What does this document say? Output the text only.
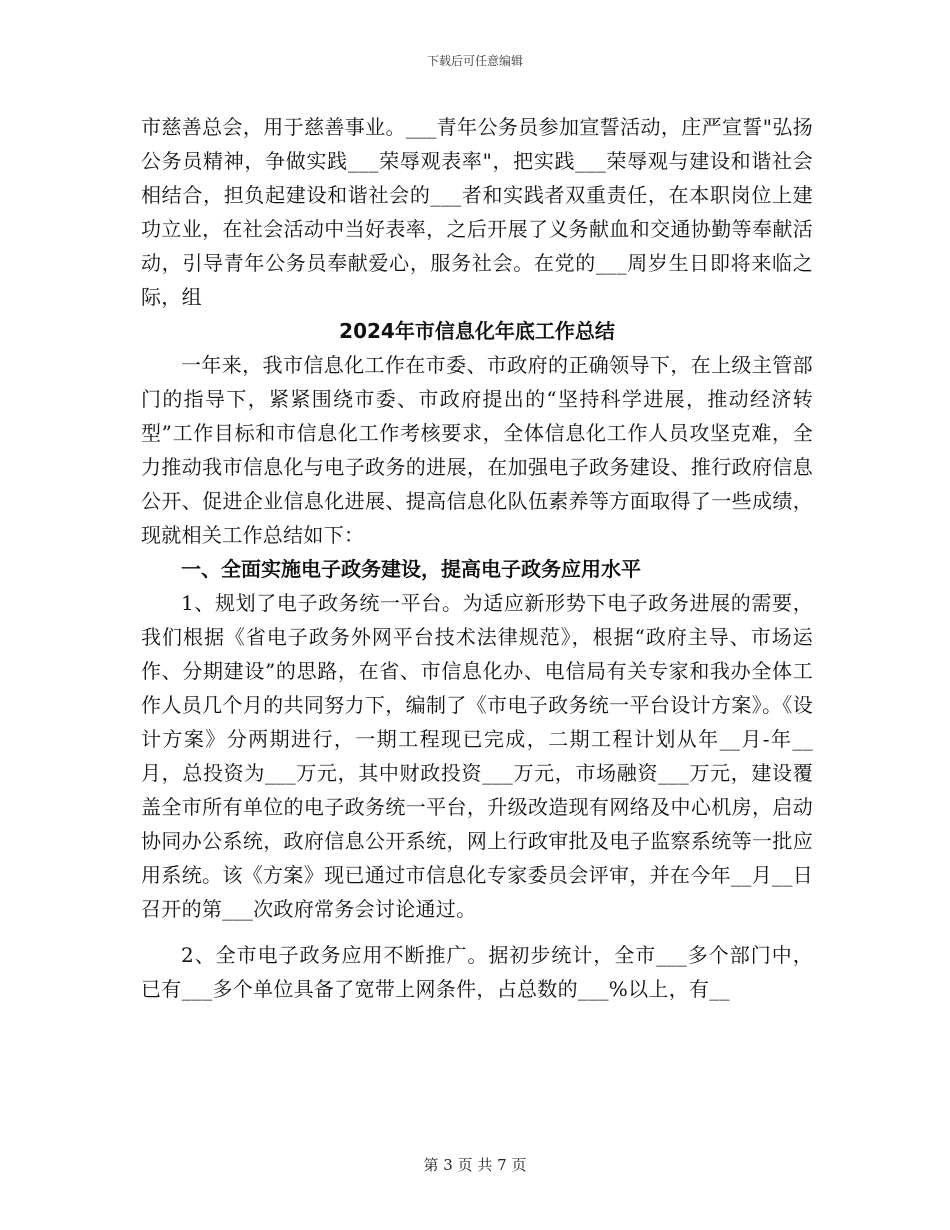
下载后可任意编辑

市慈善总会，用于慈善事业。___青年公务员参加宣誓活动，庄严宣誓"弘扬公务员精神，争做实践___荣辱观表率"，把实践___荣辱观与建设和谐社会相结合，担负起建设和谐社会的___者和实践者双重责任，在本职岗位上建功立业，在社会活动中当好表率，之后开展了义务献血和交通协勤等奉献活动，引导青年公务员奉献爱心，服务社会。在党的___周岁生日即将来临之际，组

2024年市信息化年底工作总结

一年来，我市信息化工作在市委、市政府的正确领导下，在上级主管部门的指导下，紧紧围绕市委、市政府提出的“坚持科学进展，推动经济转型”工作目标和市信息化工作考核要求，全体信息化工作人员攻坚克难，全力推动我市信息化与电子政务的进展，在加强电子政务建设、推行政府信息公开、促进企业信息化进展、提高信息化队伍素养等方面取得了一些成绩，现就相关工作总结如下：

一、全面实施电子政务建设，提高电子政务应用水平

1、规划了电子政务统一平台。为适应新形势下电子政务进展的需要，我们根据《省电子政务外网平台技术法律规范》，根据“政府主导、市场运作、分期建设”的思路，在省、市信息化办、电信局有关专家和我办全体工作人员几个月的共同努力下，编制了《市电子政务统一平台设计方案》。《设计方案》分两期进行，一期工程现已完成，二期工程计划从年__月-年__月，总投资为___万元，其中财政投资___万元，市场融资___万元，建设覆盖全市所有单位的电子政务统一平台，升级改造现有网络及中心机房，启动协同办公系统，政府信息公开系统，网上行政审批及电子监察系统等一批应用系统。该《方案》现已通过市信息化专家委员会评审，并在今年__月__日召开的第___次政府常务会讨论通过。

2、全市电子政务应用不断推广。据初步统计，全市___多个部门中，已有___多个单位具备了宽带上网条件，占总数的___%以上，有__

第 3 页 共 7 页
